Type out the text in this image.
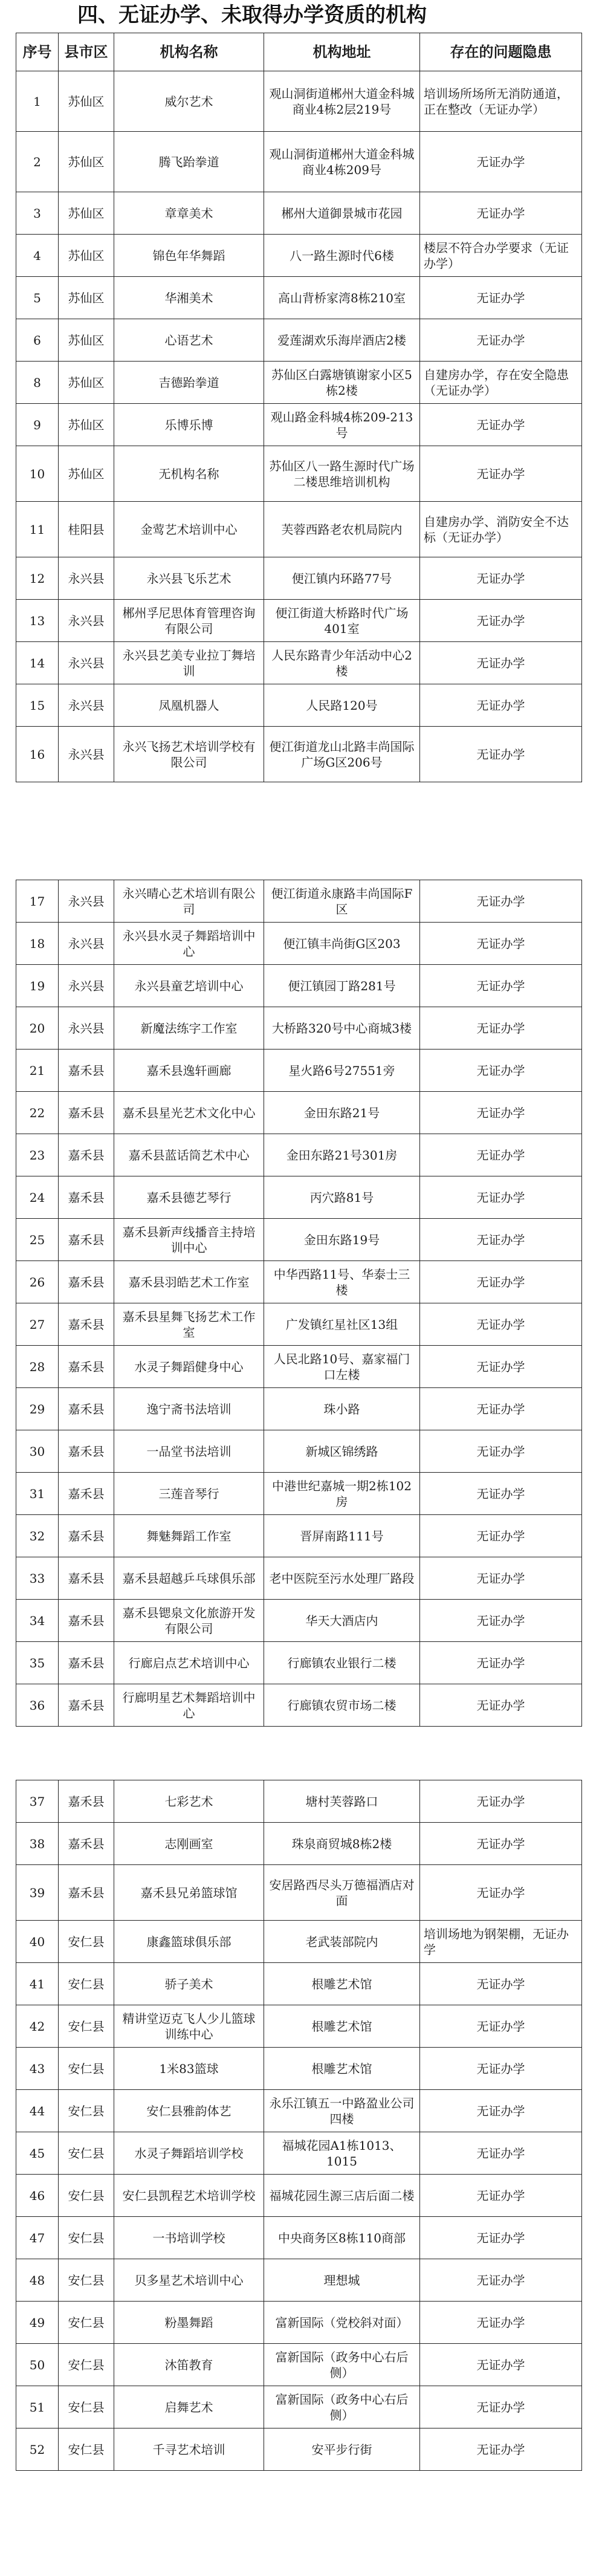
四、无证办学、未取得办学资质的机构
序号	县市区	机构名称	机构地址	存在的问题隐患
1	苏仙区	威尔艺术	观山洞街道郴州大道金科城商业4栋2层219号	培训场所场所无消防通道，正在整改（无证办学）
2	苏仙区	腾飞跆拳道	观山洞街道郴州大道金科城商业4栋209号	无证办学
3	苏仙区	章章美术	郴州大道御景城市花园	无证办学
4	苏仙区	锦色年华舞蹈	八一路生源时代6楼	楼层不符合办学要求（无证办学）
5	苏仙区	华湘美术	高山背桥家湾8栋210室	无证办学
6	苏仙区	心语艺术	爱莲湖欢乐海岸酒店2楼	无证办学
8	苏仙区	吉德跆拳道	苏仙区白露塘镇谢家小区5栋2楼	自建房办学，存在安全隐患（无证办学）
9	苏仙区	乐博乐博	观山路金科城4栋209-213号	无证办学
10	苏仙区	无机构名称	苏仙区八一路生源时代广场二楼思维培训机构	无证办学
11	桂阳县	金莺艺术培训中心	芙蓉西路老农机局院内	自建房办学、消防安全不达标（无证办学）
12	永兴县	永兴县飞乐艺术	便江镇内环路77号	无证办学
13	永兴县	郴州孚尼思体育管理咨询有限公司	便江街道大桥路时代广场401室	无证办学
14	永兴县	永兴县艺美专业拉丁舞培训	人民东路青少年活动中心2楼	无证办学
15	永兴县	凤凰机器人	人民路120号	无证办学
16	永兴县	永兴飞扬艺术培训学校有限公司	便江街道龙山北路丰尚国际广场G区206号	无证办学
17	永兴县	永兴晴心艺术培训有限公司	便江街道永康路丰尚国际F区	无证办学
18	永兴县	永兴县水灵子舞蹈培训中心	便江镇丰尚街G区203	无证办学
19	永兴县	永兴县童艺培训中心	便江镇园丁路281号	无证办学
20	永兴县	新魔法练字工作室	大桥路320号中心商城3楼	无证办学
21	嘉禾县	嘉禾县逸轩画廊	星火路6号27551旁	无证办学
22	嘉禾县	嘉禾县星光艺术文化中心	金田东路21号	无证办学
23	嘉禾县	嘉禾县蓝话筒艺术中心	金田东路21号301房	无证办学
24	嘉禾县	嘉禾县德艺琴行	丙穴路81号	无证办学
25	嘉禾县	嘉禾县新声线播音主持培训中心	金田东路19号	无证办学
26	嘉禾县	嘉禾县羽皓艺术工作室	中华西路11号、华泰士三楼	无证办学
27	嘉禾县	嘉禾县星舞飞扬艺术工作室	广发镇红星社区13组	无证办学
28	嘉禾县	水灵子舞蹈健身中心	人民北路10号、嘉家福门口左楼	无证办学
29	嘉禾县	逸宁斋书法培训	珠小路	无证办学
30	嘉禾县	一品堂书法培训	新城区锦绣路	无证办学
31	嘉禾县	三莲音琴行	中港世纪嘉城一期2栋102房	无证办学
32	嘉禾县	舞魅舞蹈工作室	晋屏南路111号	无证办学
33	嘉禾县	嘉禾县超越乒乓球俱乐部	老中医院至污水处理厂路段	无证办学
34	嘉禾县	嘉禾县锶泉文化旅游开发有限公司	华天大酒店内	无证办学
35	嘉禾县	行廊启点艺术培训中心	行廊镇农业银行二楼	无证办学
36	嘉禾县	行廊明星艺术舞蹈培训中心	行廊镇农贸市场二楼	无证办学
37	嘉禾县	七彩艺术	塘村芙蓉路口	无证办学
38	嘉禾县	志刚画室	珠泉商贸城8栋2楼	无证办学
39	嘉禾县	嘉禾县兄弟篮球馆	安居路西尽头万德福酒店对面	无证办学
40	安仁县	康鑫篮球俱乐部	老武装部院内	培训场地为钢架棚，无证办学
41	安仁县	骄子美术	根雕艺术馆	无证办学
42	安仁县	精讲堂迈克飞人少儿篮球训练中心	根雕艺术馆	无证办学
43	安仁县	1米83篮球	根雕艺术馆	无证办学
44	安仁县	安仁县雅韵体艺	永乐江镇五一中路盈业公司四楼	无证办学
45	安仁县	水灵子舞蹈培训学校	福城花园A1栋1013、1015	无证办学
46	安仁县	安仁县凯程艺术培训学校	福城花园生源三店后面二楼	无证办学
47	安仁县	一书培训学校	中央商务区8栋110商部	无证办学
48	安仁县	贝多星艺术培训中心	理想城	无证办学
49	安仁县	粉墨舞蹈	富新国际（党校斜对面）	无证办学
50	安仁县	沐笛教育	富新国际（政务中心右后侧）	无证办学
51	安仁县	启舞艺术	富新国际（政务中心右后侧）	无证办学
52	安仁县	千寻艺术培训	安平步行街	无证办学
